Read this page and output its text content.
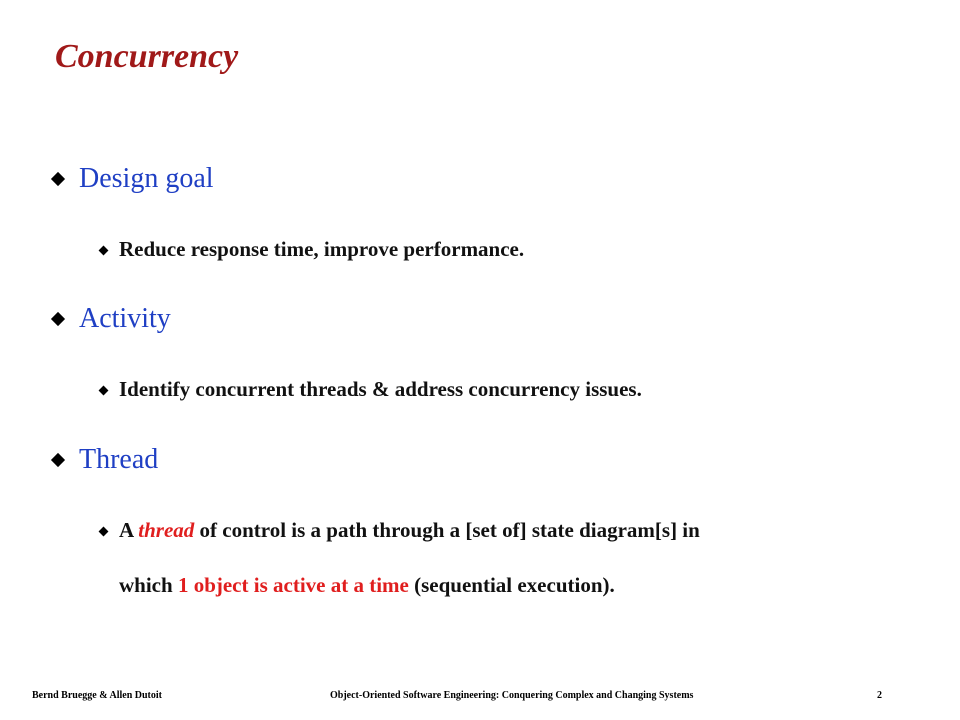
Concurrency
Design goal
Reduce response time, improve performance.
Activity
Identify concurrent threads & address concurrency issues.
Thread
A thread of control is a path through a [set of] state diagram[s] in
which 1 object is active at a time (sequential execution).
Bernd Bruegge & Allen Dutoit	Object-Oriented Software Engineering: Conquering Complex and Changing Systems	2
